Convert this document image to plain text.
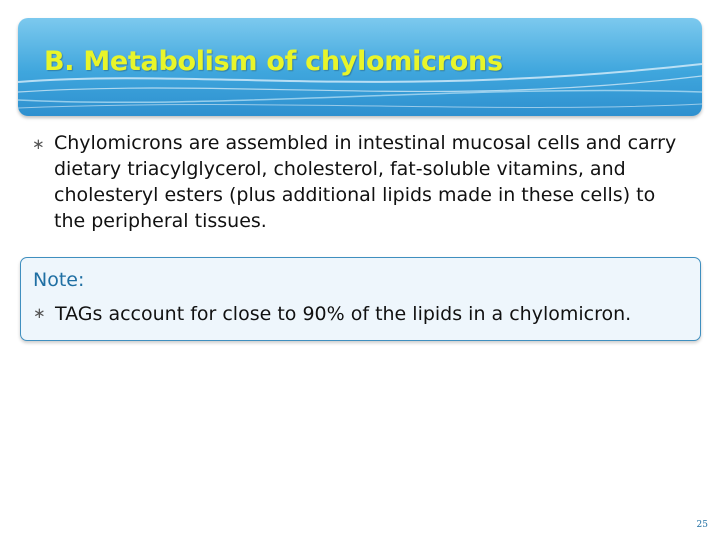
B. Metabolism of chylomicrons
∗ Chylomicrons are assembled in intestinal mucosal cells and carry dietary triacylglycerol, cholesterol, fat-soluble vitamins, and cholesteryl esters (plus additional lipids made in these cells) to the peripheral tissues.
Note:
∗ TAGs account for close to 90% of the lipids in a chylomicron.
25
